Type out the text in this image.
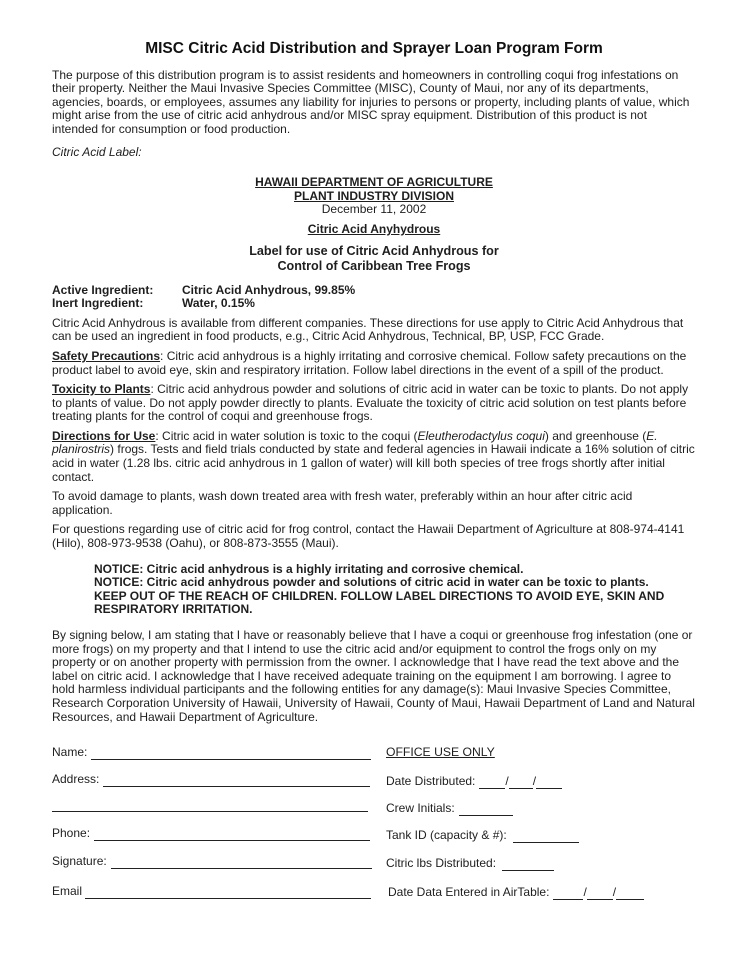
MISC Citric Acid Distribution and Sprayer Loan Program Form

The purpose of this distribution program is to assist residents and homeowners in controlling coqui frog infestations on their property. Neither the Maui Invasive Species Committee (MISC), County of Maui, nor any of its departments, agencies, boards, or employees, assumes any liability for injuries to persons or property, including plants of value, which might arise from the use of citric acid anhydrous and/or MISC spray equipment. Distribution of this product is not intended for consumption or food production.

Citric Acid Label:

HAWAII DEPARTMENT OF AGRICULTURE
PLANT INDUSTRY DIVISION
December 11, 2002
Citric Acid Anyhydrous
Label for use of Citric Acid Anhydrous for
Control of Caribbean Tree Frogs
Active Ingredient:	Citric Acid Anhydrous, 99.85%
Inert Ingredient:	Water, 0.15%

Citric Acid Anhydrous is available from different companies. These directions for use apply to Citric Acid Anhydrous that can be used an ingredient in food products, e.g., Citric Acid Anhydrous, Technical, BP, USP, FCC Grade.

Safety Precautions: Citric acid anhydrous is a highly irritating and corrosive chemical. Follow safety precautions on the product label to avoid eye, skin and respiratory irritation. Follow label directions in the event of a spill of the product.

Toxicity to Plants: Citric acid anhydrous powder and solutions of citric acid in water can be toxic to plants. Do not apply to plants of value. Do not apply powder directly to plants. Evaluate the toxicity of citric acid solution on test plants before treating plants for the control of coqui and greenhouse frogs.

Directions for Use: Citric acid in water solution is toxic to the coqui (Eleutherodactylus coqui) and greenhouse (E. planirostris) frogs. Tests and field trials conducted by state and federal agencies in Hawaii indicate a 16% solution of citric acid in water (1.28 lbs. citric acid anhydrous in 1 gallon of water) will kill both species of tree frogs shortly after initial contact.

To avoid damage to plants, wash down treated area with fresh water, preferably within an hour after citric acid application.

For questions regarding use of citric acid for frog control, contact the Hawaii Department of Agriculture at 808-974-4141 (Hilo), 808-973-9538 (Oahu), or 808-873-3555 (Maui).

NOTICE: Citric acid anhydrous is a highly irritating and corrosive chemical.
NOTICE: Citric acid anhydrous powder and solutions of citric acid in water can be toxic to plants.
KEEP OUT OF THE REACH OF CHILDREN. FOLLOW LABEL DIRECTIONS TO AVOID EYE, SKIN AND RESPIRATORY IRRITATION.

By signing below, I am stating that I have or reasonably believe that I have a coqui or greenhouse frog infestation (one or more frogs) on my property and that I intend to use the citric acid and/or equipment to control the frogs only on my property or on another property with permission from the owner. I acknowledge that I have read the text above and the label on citric acid. I acknowledge that I have received adequate training on the equipment I am borrowing. I agree to hold harmless individual participants and the following entities for any damage(s): Maui Invasive Species Committee, Research Corporation University of Hawaii, University of Hawaii, County of Maui, Hawaii Department of Land and Natural Resources, and Hawaii Department of Agriculture.

Name:
Address:
Phone:
Signature:
Email
OFFICE USE ONLY
Date Distributed:	/ /
Crew Initials:
Tank ID (capacity & #):
Citric lbs Distributed:
Date Data Entered in AirTable:	/ /
